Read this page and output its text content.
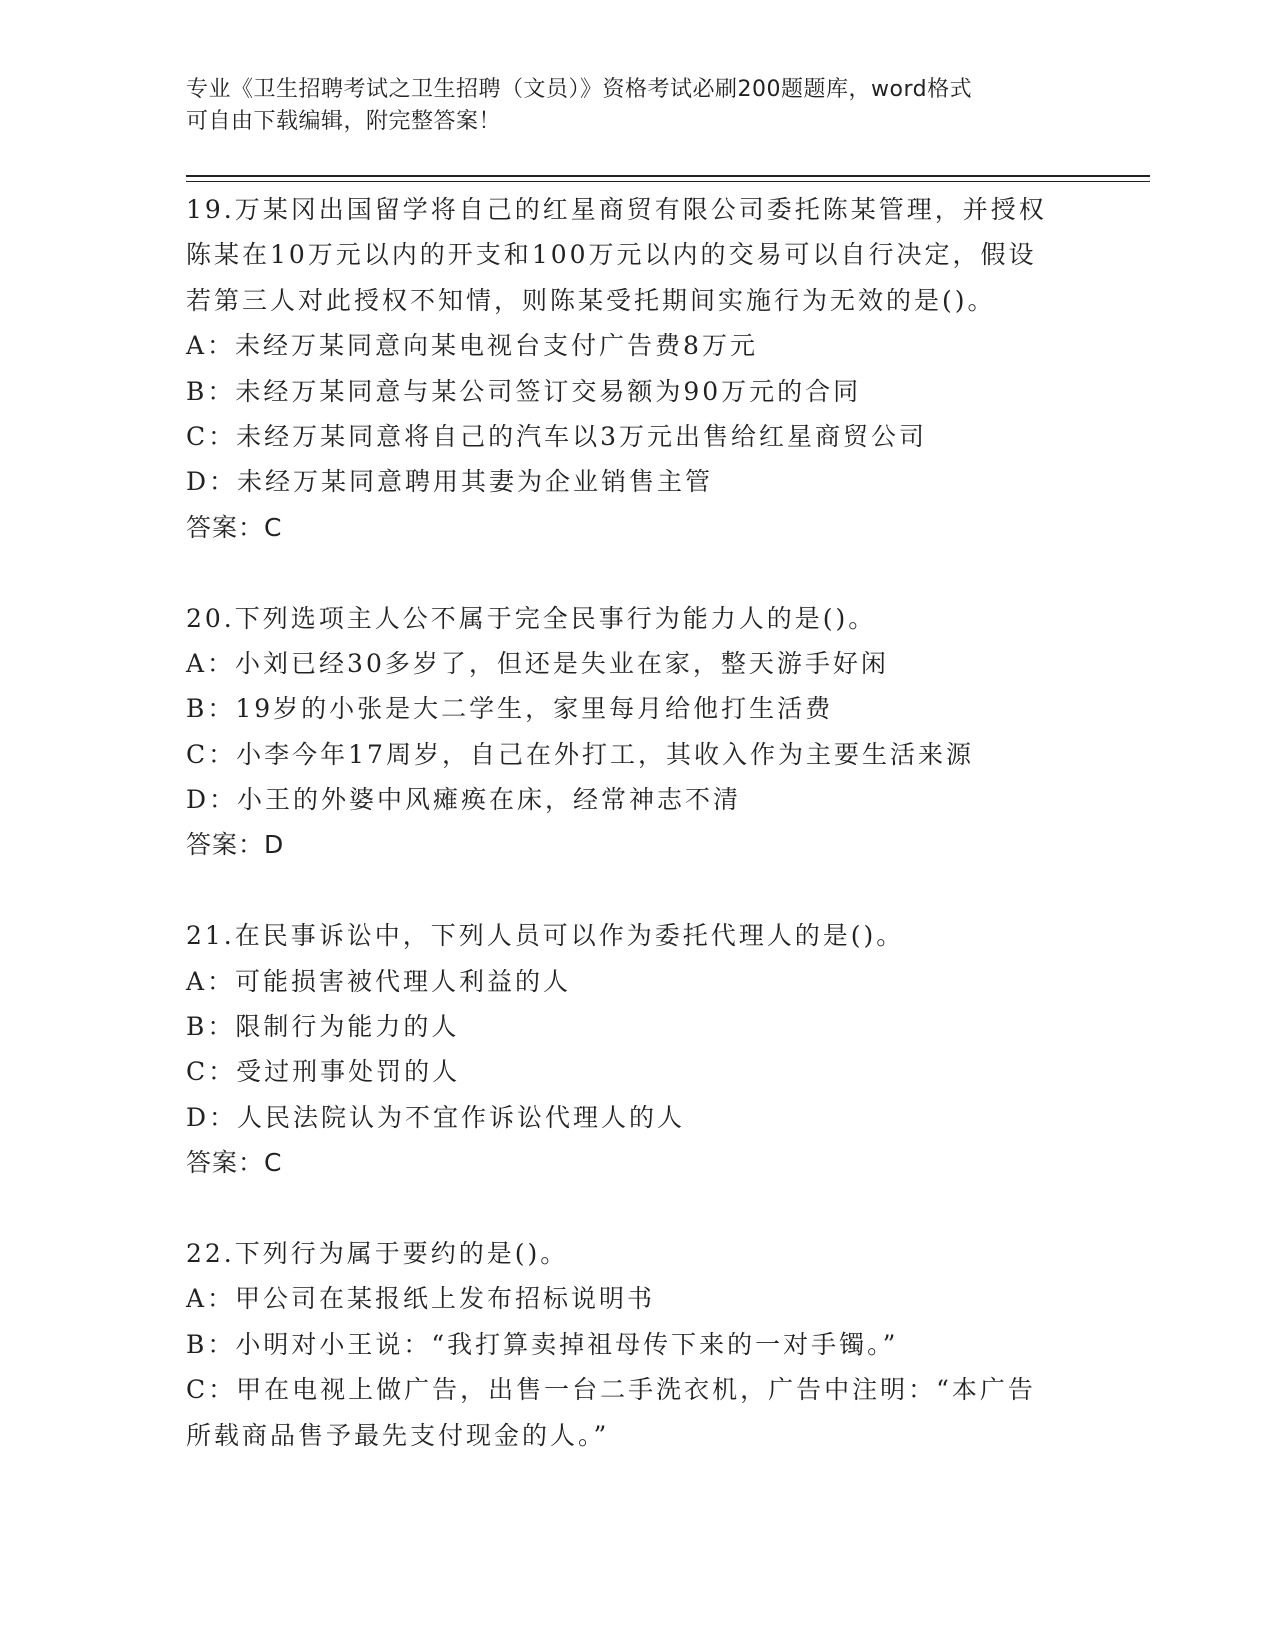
专业《卫生招聘考试之卫生招聘（文员）》资格考试必刷200题题库，word格式
可自由下载编辑，附完整答案！
19.万某冈出国留学将自己的红星商贸有限公司委托陈某管理，并授权
陈某在10万元以内的开支和100万元以内的交易可以自行决定，假设
若第三人对此授权不知情，则陈某受托期间实施行为无效的是()。
A：未经万某同意向某电视台支付广告费8万元
B：未经万某同意与某公司签订交易额为90万元的合同
C：未经万某同意将自己的汽车以3万元出售给红星商贸公司
D：未经万某同意聘用其妻为企业销售主管
答案：C
20.下列选项主人公不属于完全民事行为能力人的是()。
A：小刘已经30多岁了，但还是失业在家，整天游手好闲
B：19岁的小张是大二学生，家里每月给他打生活费
C：小李今年17周岁，自己在外打工，其收入作为主要生活来源
D：小王的外婆中风瘫痪在床，经常神志不清
答案：D
21.在民事诉讼中，下列人员可以作为委托代理人的是()。
A：可能损害被代理人利益的人
B：限制行为能力的人
C：受过刑事处罚的人
D：人民法院认为不宜作诉讼代理人的人
答案：C
22.下列行为属于要约的是()。
A：甲公司在某报纸上发布招标说明书
B：小明对小王说：“我打算卖掉祖母传下来的一对手镯。”
C：甲在电视上做广告，出售一台二手洗衣机，广告中注明：“本广告
所载商品售予最先支付现金的人。”
